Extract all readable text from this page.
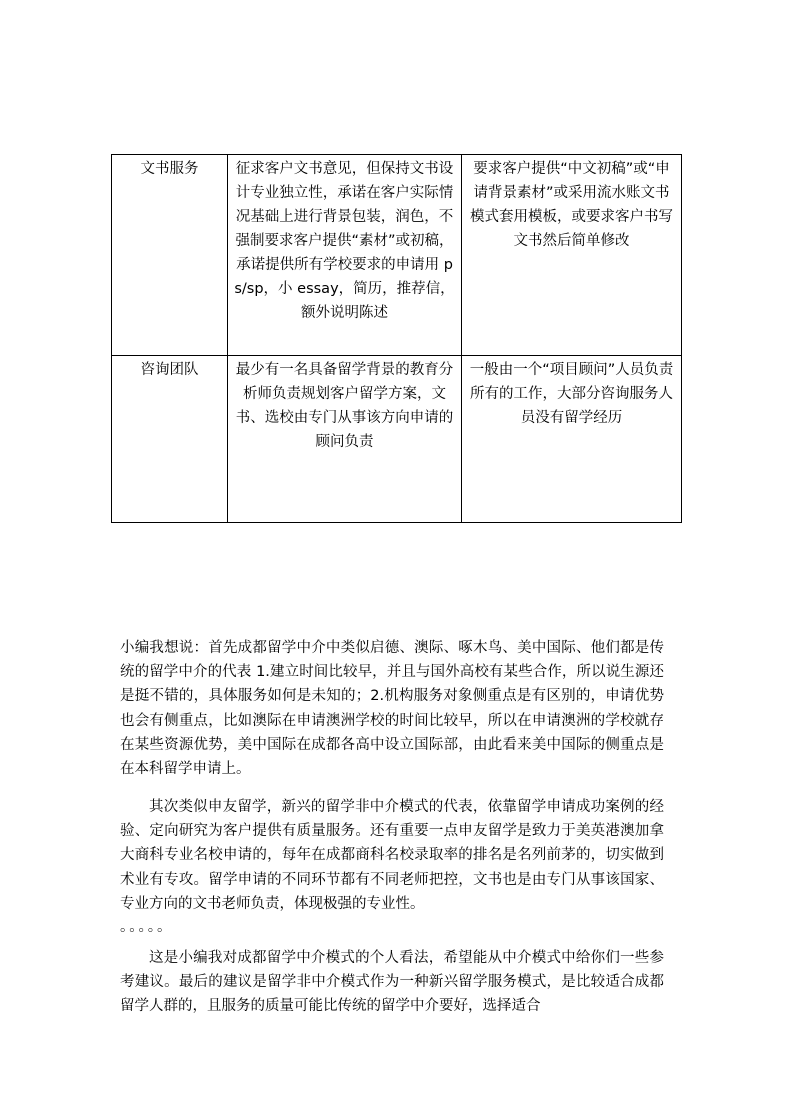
文书服务	征求客户文书意见，但保持文书设计专业独立性，承诺在客户实际情况基础上进行背景包装，润色，不强制要求客户提供“素材”或初稿，承诺提供所有学校要求的申请用 ps/sp，小 essay，简历，推荐信，额外说明陈述	要求客户提供“中文初稿”或“申请背景素材”或采用流水账文书模式套用模板，或要求客户书写文书然后简单修改
咨询团队	最少有一名具备留学背景的教育分析师负责规划客户留学方案，文书、选校由专门从事该方向申请的顾问负责	一般由一个“项目顾问”人员负责所有的工作，大部分咨询服务人员没有留学经历

小编我想说：首先成都留学中介中类似启德、澳际、啄木鸟、美中国际、他们都是传统的留学中介的代表 1.建立时间比较早，并且与国外高校有某些合作，所以说生源还是挺不错的，具体服务如何是未知的；2.机构服务对象侧重点是有区别的，申请优势也会有侧重点，比如澳际在申请澳洲学校的时间比较早，所以在申请澳洲的学校就存在某些资源优势，美中国际在成都各高中设立国际部，由此看来美中国际的侧重点是在本科留学申请上。

其次类似申友留学，新兴的留学非中介模式的代表，依靠留学申请成功案例的经验、定向研究为客户提供有质量服务。还有重要一点申友留学是致力于美英港澳加拿大商科专业名校申请的，每年在成都商科名校录取率的排名是名列前茅的，切实做到术业有专攻。留学申请的不同环节都有不同老师把控，文书也是由专门从事该国家、专业方向的文书老师负责，体现极强的专业性。

。。。。。

这是小编我对成都留学中介模式的个人看法，希望能从中介模式中给你们一些参考建议。最后的建议是留学非中介模式作为一种新兴留学服务模式，是比较适合成都留学人群的，且服务的质量可能比传统的留学中介要好，选择适合
